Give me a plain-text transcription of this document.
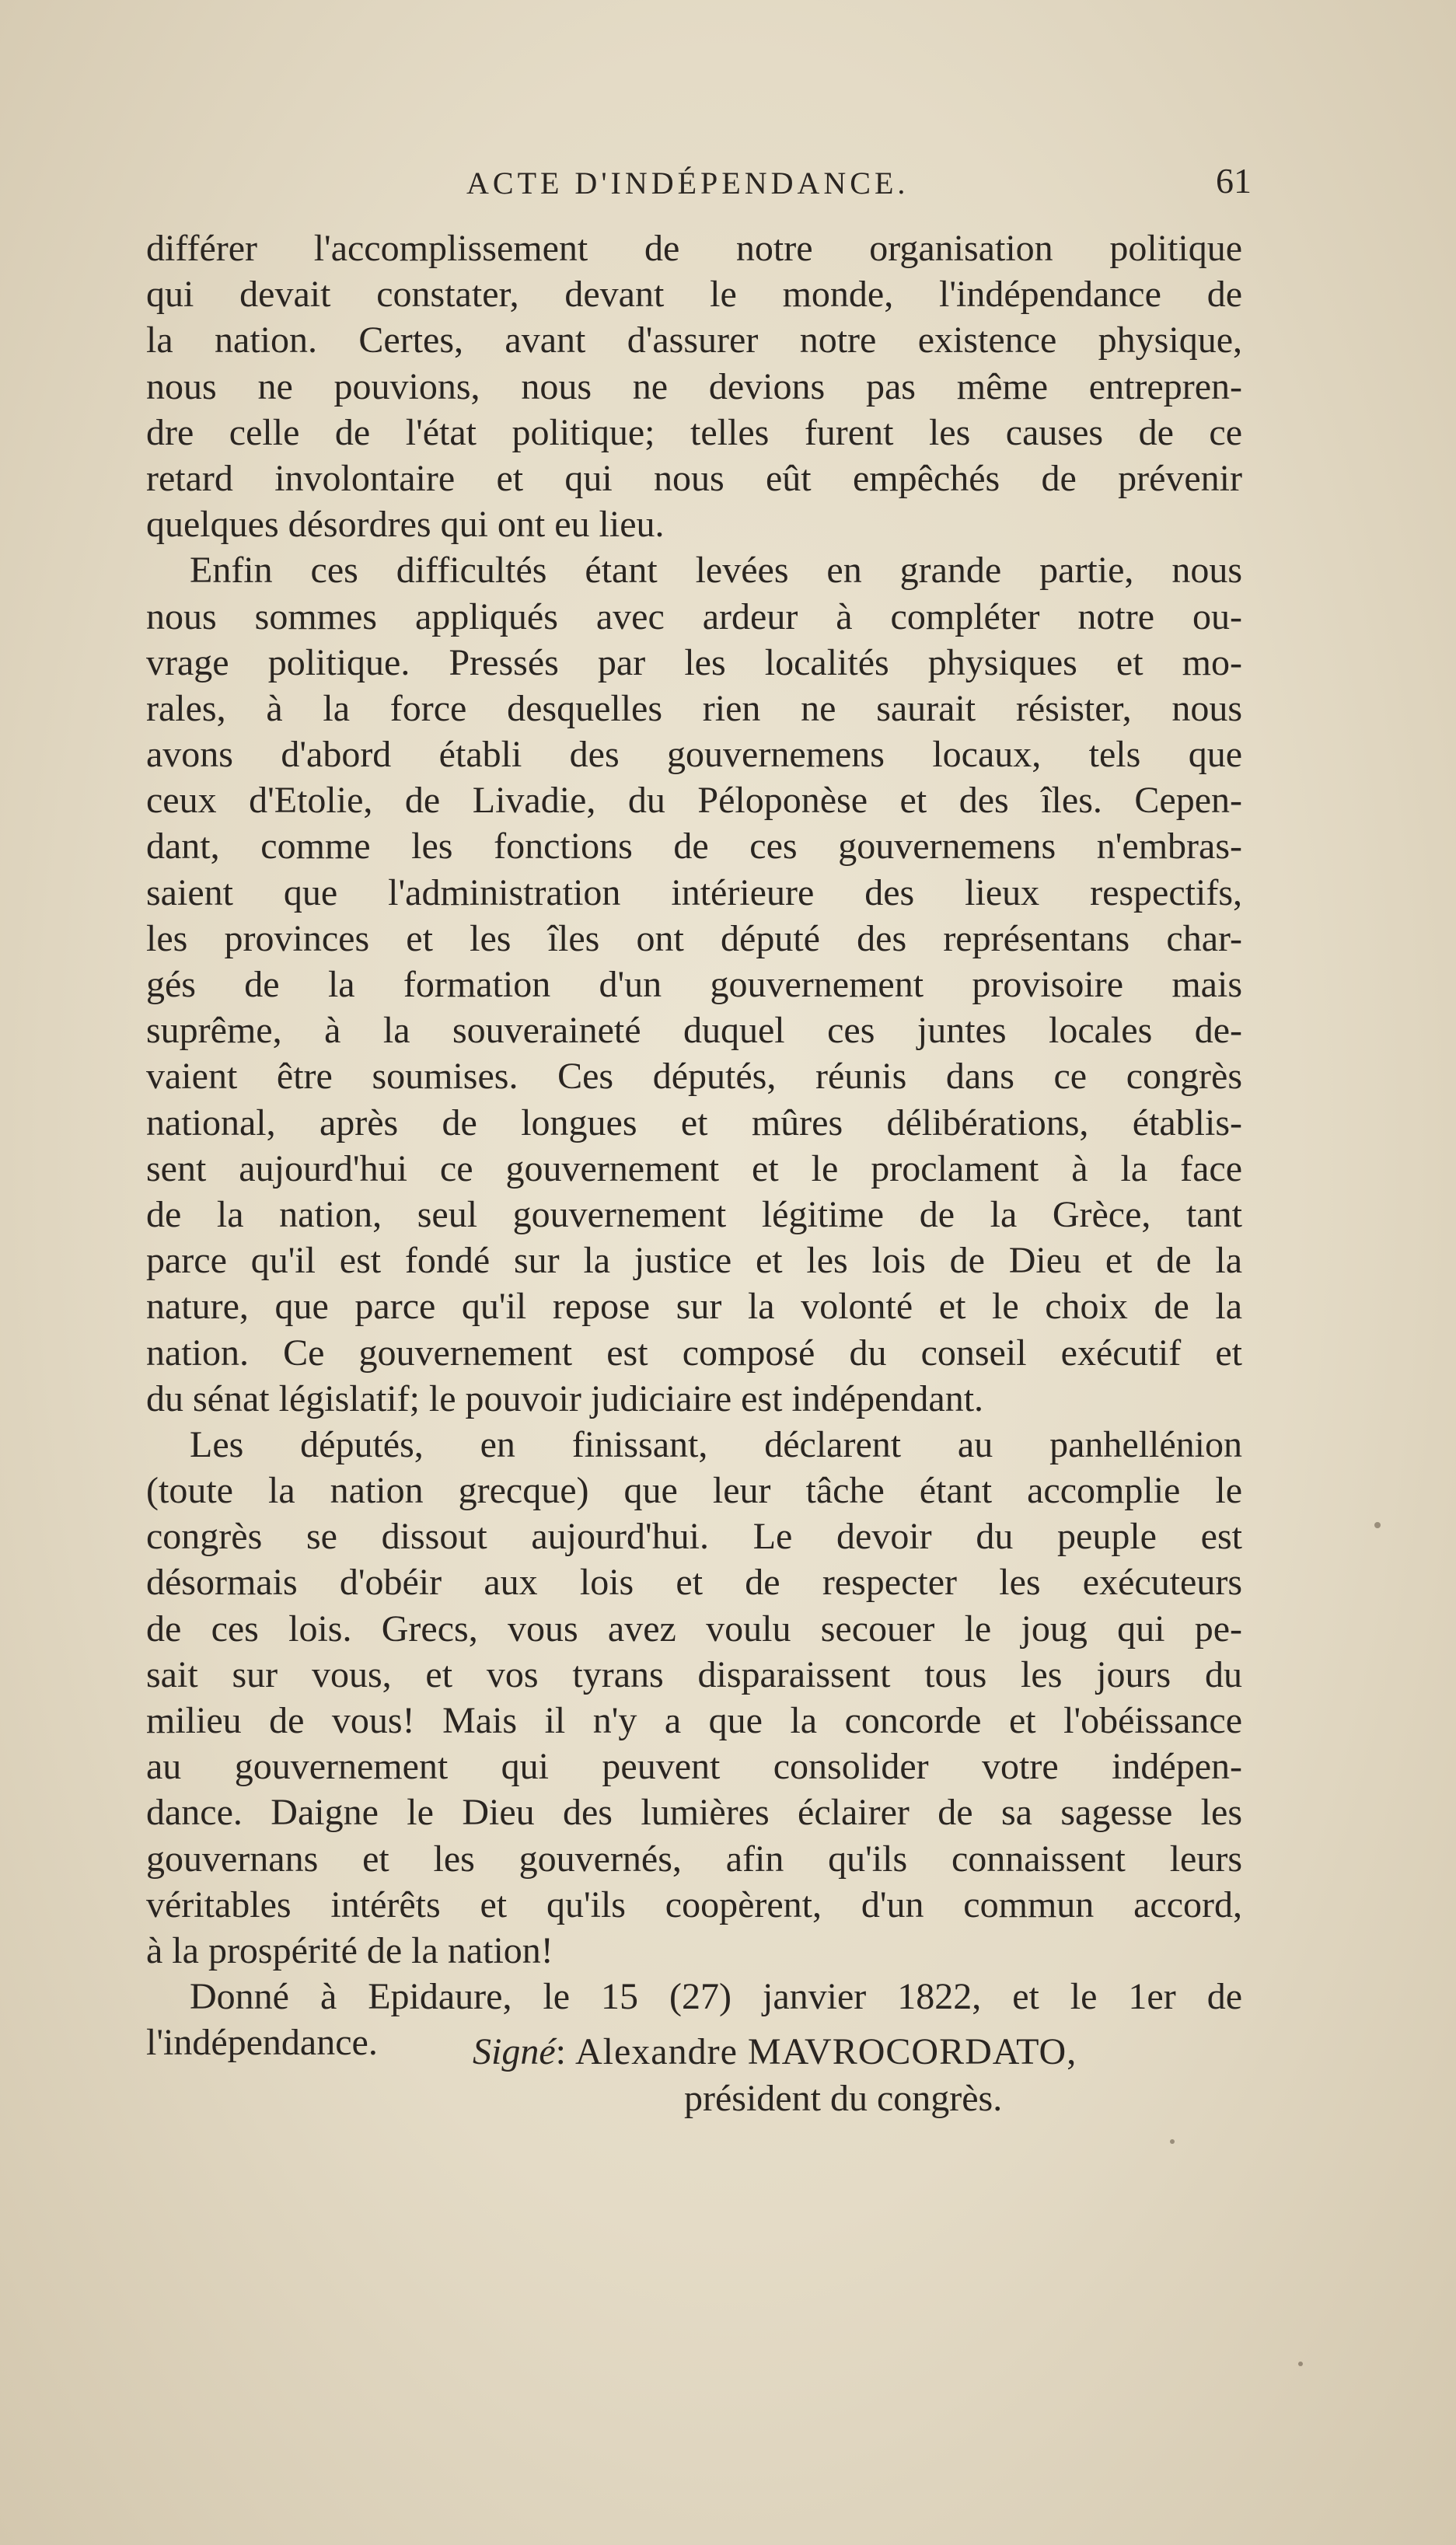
ACTE D'INDÉPENDANCE.	61
différer l'accomplissement de notre organisation politique
qui devait constater, devant le monde, l'indépendance de
la nation. Certes, avant d'assurer notre existence physique,
nous ne pouvions, nous ne devions pas même entrepren-
dre celle de l'état politique; telles furent les causes de ce
retard involontaire et qui nous eût empêchés de prévenir
quelques désordres qui ont eu lieu.
Enfin ces difficultés étant levées en grande partie, nous
nous sommes appliqués avec ardeur à compléter notre ou-
vrage politique. Pressés par les localités physiques et mo-
rales, à la force desquelles rien ne saurait résister, nous
avons d'abord établi des gouvernemens locaux, tels que
ceux d'Etolie, de Livadie, du Péloponèse et des îles. Cepen-
dant, comme les fonctions de ces gouvernemens n'embras-
saient que l'administration intérieure des lieux respectifs,
les provinces et les îles ont député des représentans char-
gés de la formation d'un gouvernement provisoire mais
suprême, à la souveraineté duquel ces juntes locales de-
vaient être soumises. Ces députés, réunis dans ce congrès
national, après de longues et mûres délibérations, établis-
sent aujourd'hui ce gouvernement et le proclament à la face
de la nation, seul gouvernement légitime de la Grèce, tant
parce qu'il est fondé sur la justice et les lois de Dieu et de la
nature, que parce qu'il repose sur la volonté et le choix de la
nation. Ce gouvernement est composé du conseil exécutif et
du sénat législatif; le pouvoir judiciaire est indépendant.
Les députés, en finissant, déclarent au panhellénion
(toute la nation grecque) que leur tâche étant accomplie le
congrès se dissout aujourd'hui. Le devoir du peuple est
désormais d'obéir aux lois et de respecter les exécuteurs
de ces lois. Grecs, vous avez voulu secouer le joug qui pe-
sait sur vous, et vos tyrans disparaissent tous les jours du
milieu de vous! Mais il n'y a que la concorde et l'obéissance
au gouvernement qui peuvent consolider votre indépen-
dance. Daigne le Dieu des lumières éclairer de sa sagesse les
gouvernans et les gouvernés, afin qu'ils connaissent leurs
véritables intérêts et qu'ils coopèrent, d'un commun accord,
à la prospérité de la nation!
Donné à Epidaure, le 15 (27) janvier 1822, et le 1er de
l'indépendance.	Signé: Alexandre MAVROCORDATO,
président du congrès.
